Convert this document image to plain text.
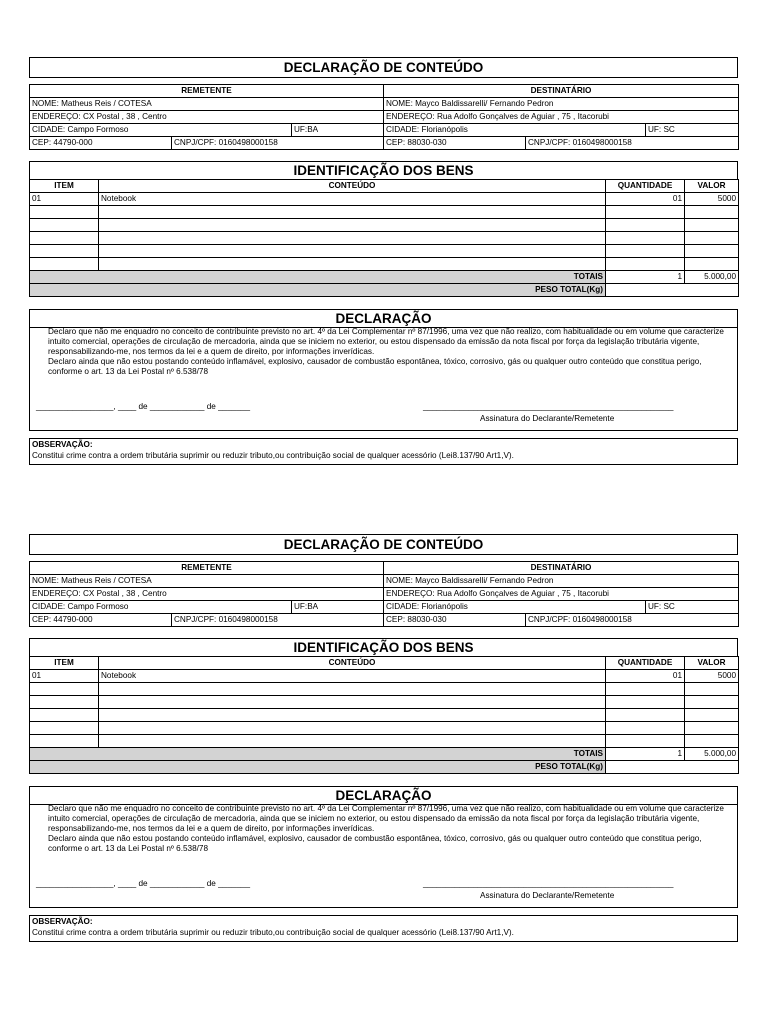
DECLARAÇÃO DE CONTEÚDO
REMETENTE			DESTINATÁRIO		
NOME: Matheus Reis / COTESA			NOME: Mayco Baldissarelli/ Fernando Pedron		
ENDEREÇO: CX Postal , 38 , Centro			ENDEREÇO: Rua Adolfo Gonçalves de Aguiar , 75 , Itacorubi		
CIDADE: Campo Formoso		UF:BA	CIDADE: Florianópolis		UF: SC
CEP: 44790-000	CNPJ/CPF: 0160498000158		CEP: 88030-030	CNPJ/CPF: 0160498000158	
IDENTIFICAÇÃO DOS BENS
ITEM	CONTEÚDO	QUANTIDADE	VALOR
01	Notebook	01	5000

TOTAIS		1	5.000,00
PESO TOTAL(Kg)			
DECLARAÇÃO

Declaro que não me enquadro no conceito de contribuinte previsto no art. 4º da Lei Complementar nº 87/1996, uma vez que não realizo, com habitualidade ou em volume que caracterize intuito comercial, operações de circulação de mercadoria, ainda que se iniciem no exterior, ou estou dispensado da emissão da nota fiscal por força da legislação tributária vigente, responsabilizando-me, nos termos da lei e a quem de direito, por informações inverídicas.

Declaro ainda que não estou postando conteúdo inflamável, explosivo, causador de combustão espontânea, tóxico, corrosivo, gás ou qualquer outro conteúdo que constitua perigo, conforme o art. 13 da Lei Postal nº 6.538/78

_________________, ____ de ____________ de _______	_______________________________________________________
Assinatura do Declarante/Remetente
OBSERVAÇÃO:
Constitui crime contra a ordem tributária suprimir ou reduzir tributo,ou contribuição social de qualquer acessório (Lei8.137/90 Art1,V).
DECLARAÇÃO DE CONTEÚDO
REMETENTE			DESTINATÁRIO		
NOME: Matheus Reis / COTESA			NOME: Mayco Baldissarelli/ Fernando Pedron		
ENDEREÇO: CX Postal , 38 , Centro			ENDEREÇO: Rua Adolfo Gonçalves de Aguiar , 75 , Itacorubi		
CIDADE: Campo Formoso		UF:BA	CIDADE: Florianópolis		UF: SC
CEP: 44790-000	CNPJ/CPF: 0160498000158		CEP: 88030-030	CNPJ/CPF: 0160498000158	
IDENTIFICAÇÃO DOS BENS
ITEM	CONTEÚDO	QUANTIDADE	VALOR
01	Notebook	01	5000

TOTAIS		1	5.000,00
PESO TOTAL(Kg)			
DECLARAÇÃO

Declaro que não me enquadro no conceito de contribuinte previsto no art. 4º da Lei Complementar nº 87/1996, uma vez que não realizo, com habitualidade ou em volume que caracterize intuito comercial, operações de circulação de mercadoria, ainda que se iniciem no exterior, ou estou dispensado da emissão da nota fiscal por força da legislação tributária vigente, responsabilizando-me, nos termos da lei e a quem de direito, por informações inverídicas.

Declaro ainda que não estou postando conteúdo inflamável, explosivo, causador de combustão espontânea, tóxico, corrosivo, gás ou qualquer outro conteúdo que constitua perigo, conforme o art. 13 da Lei Postal nº 6.538/78

_________________, ____ de ____________ de _______	_______________________________________________________
Assinatura do Declarante/Remetente
OBSERVAÇÃO:
Constitui crime contra a ordem tributária suprimir ou reduzir tributo,ou contribuição social de qualquer acessório (Lei8.137/90 Art1,V).
